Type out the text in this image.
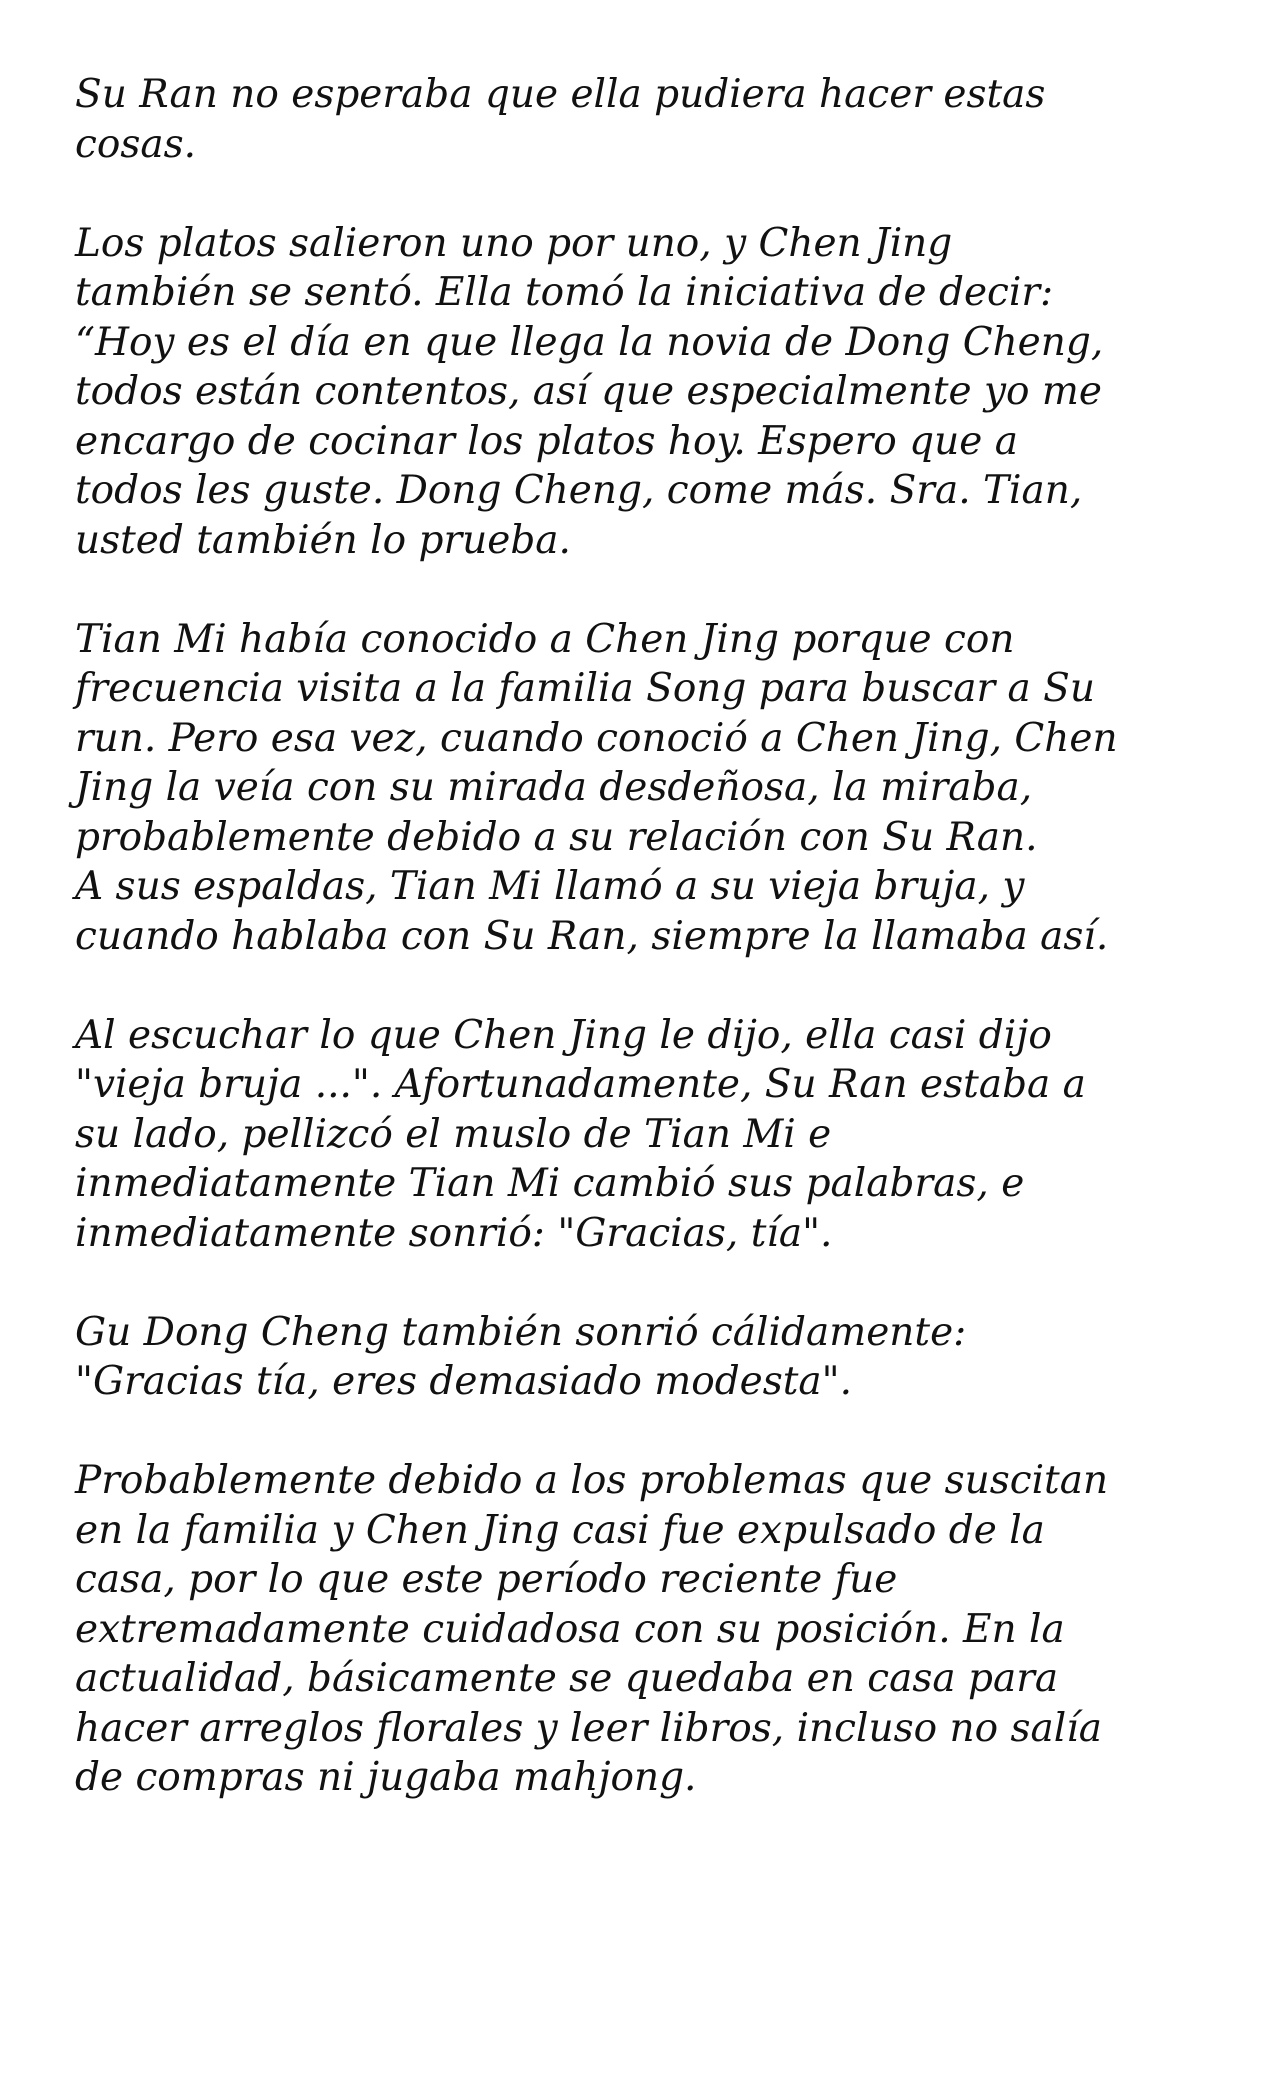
Su Ran no esperaba que ella pudiera hacer estas
cosas.

Los platos salieron uno por uno, y Chen Jing
también se sentó. Ella tomó la iniciativa de decir:
“Hoy es el día en que llega la novia de Dong Cheng,
todos están contentos, así que especialmente yo me
encargo de cocinar los platos hoy. Espero que a
todos les guste. Dong Cheng, come más. Sra. Tian,
usted también lo prueba.

Tian Mi había conocido a Chen Jing porque con
frecuencia visita a la familia Song para buscar a Su
run. Pero esa vez, cuando conoció a Chen Jing, Chen
Jing la veía con su mirada desdeñosa, la miraba,
probablemente debido a su relación con Su Ran.
A sus espaldas, Tian Mi llamó a su vieja bruja, y
cuando hablaba con Su Ran, siempre la llamaba así.

Al escuchar lo que Chen Jing le dijo, ella casi dijo
"vieja bruja ...". Afortunadamente, Su Ran estaba a
su lado, pellizcó el muslo de Tian Mi e
inmediatamente Tian Mi cambió sus palabras, e
inmediatamente sonrió: "Gracias, tía".

Gu Dong Cheng también sonrió cálidamente:
"Gracias tía, eres demasiado modesta".

Probablemente debido a los problemas que suscitan
en la familia y Chen Jing casi fue expulsado de la
casa, por lo que este período reciente fue
extremadamente cuidadosa con su posición. En la
actualidad, básicamente se quedaba en casa para
hacer arreglos florales y leer libros, incluso no salía
de compras ni jugaba mahjong.
